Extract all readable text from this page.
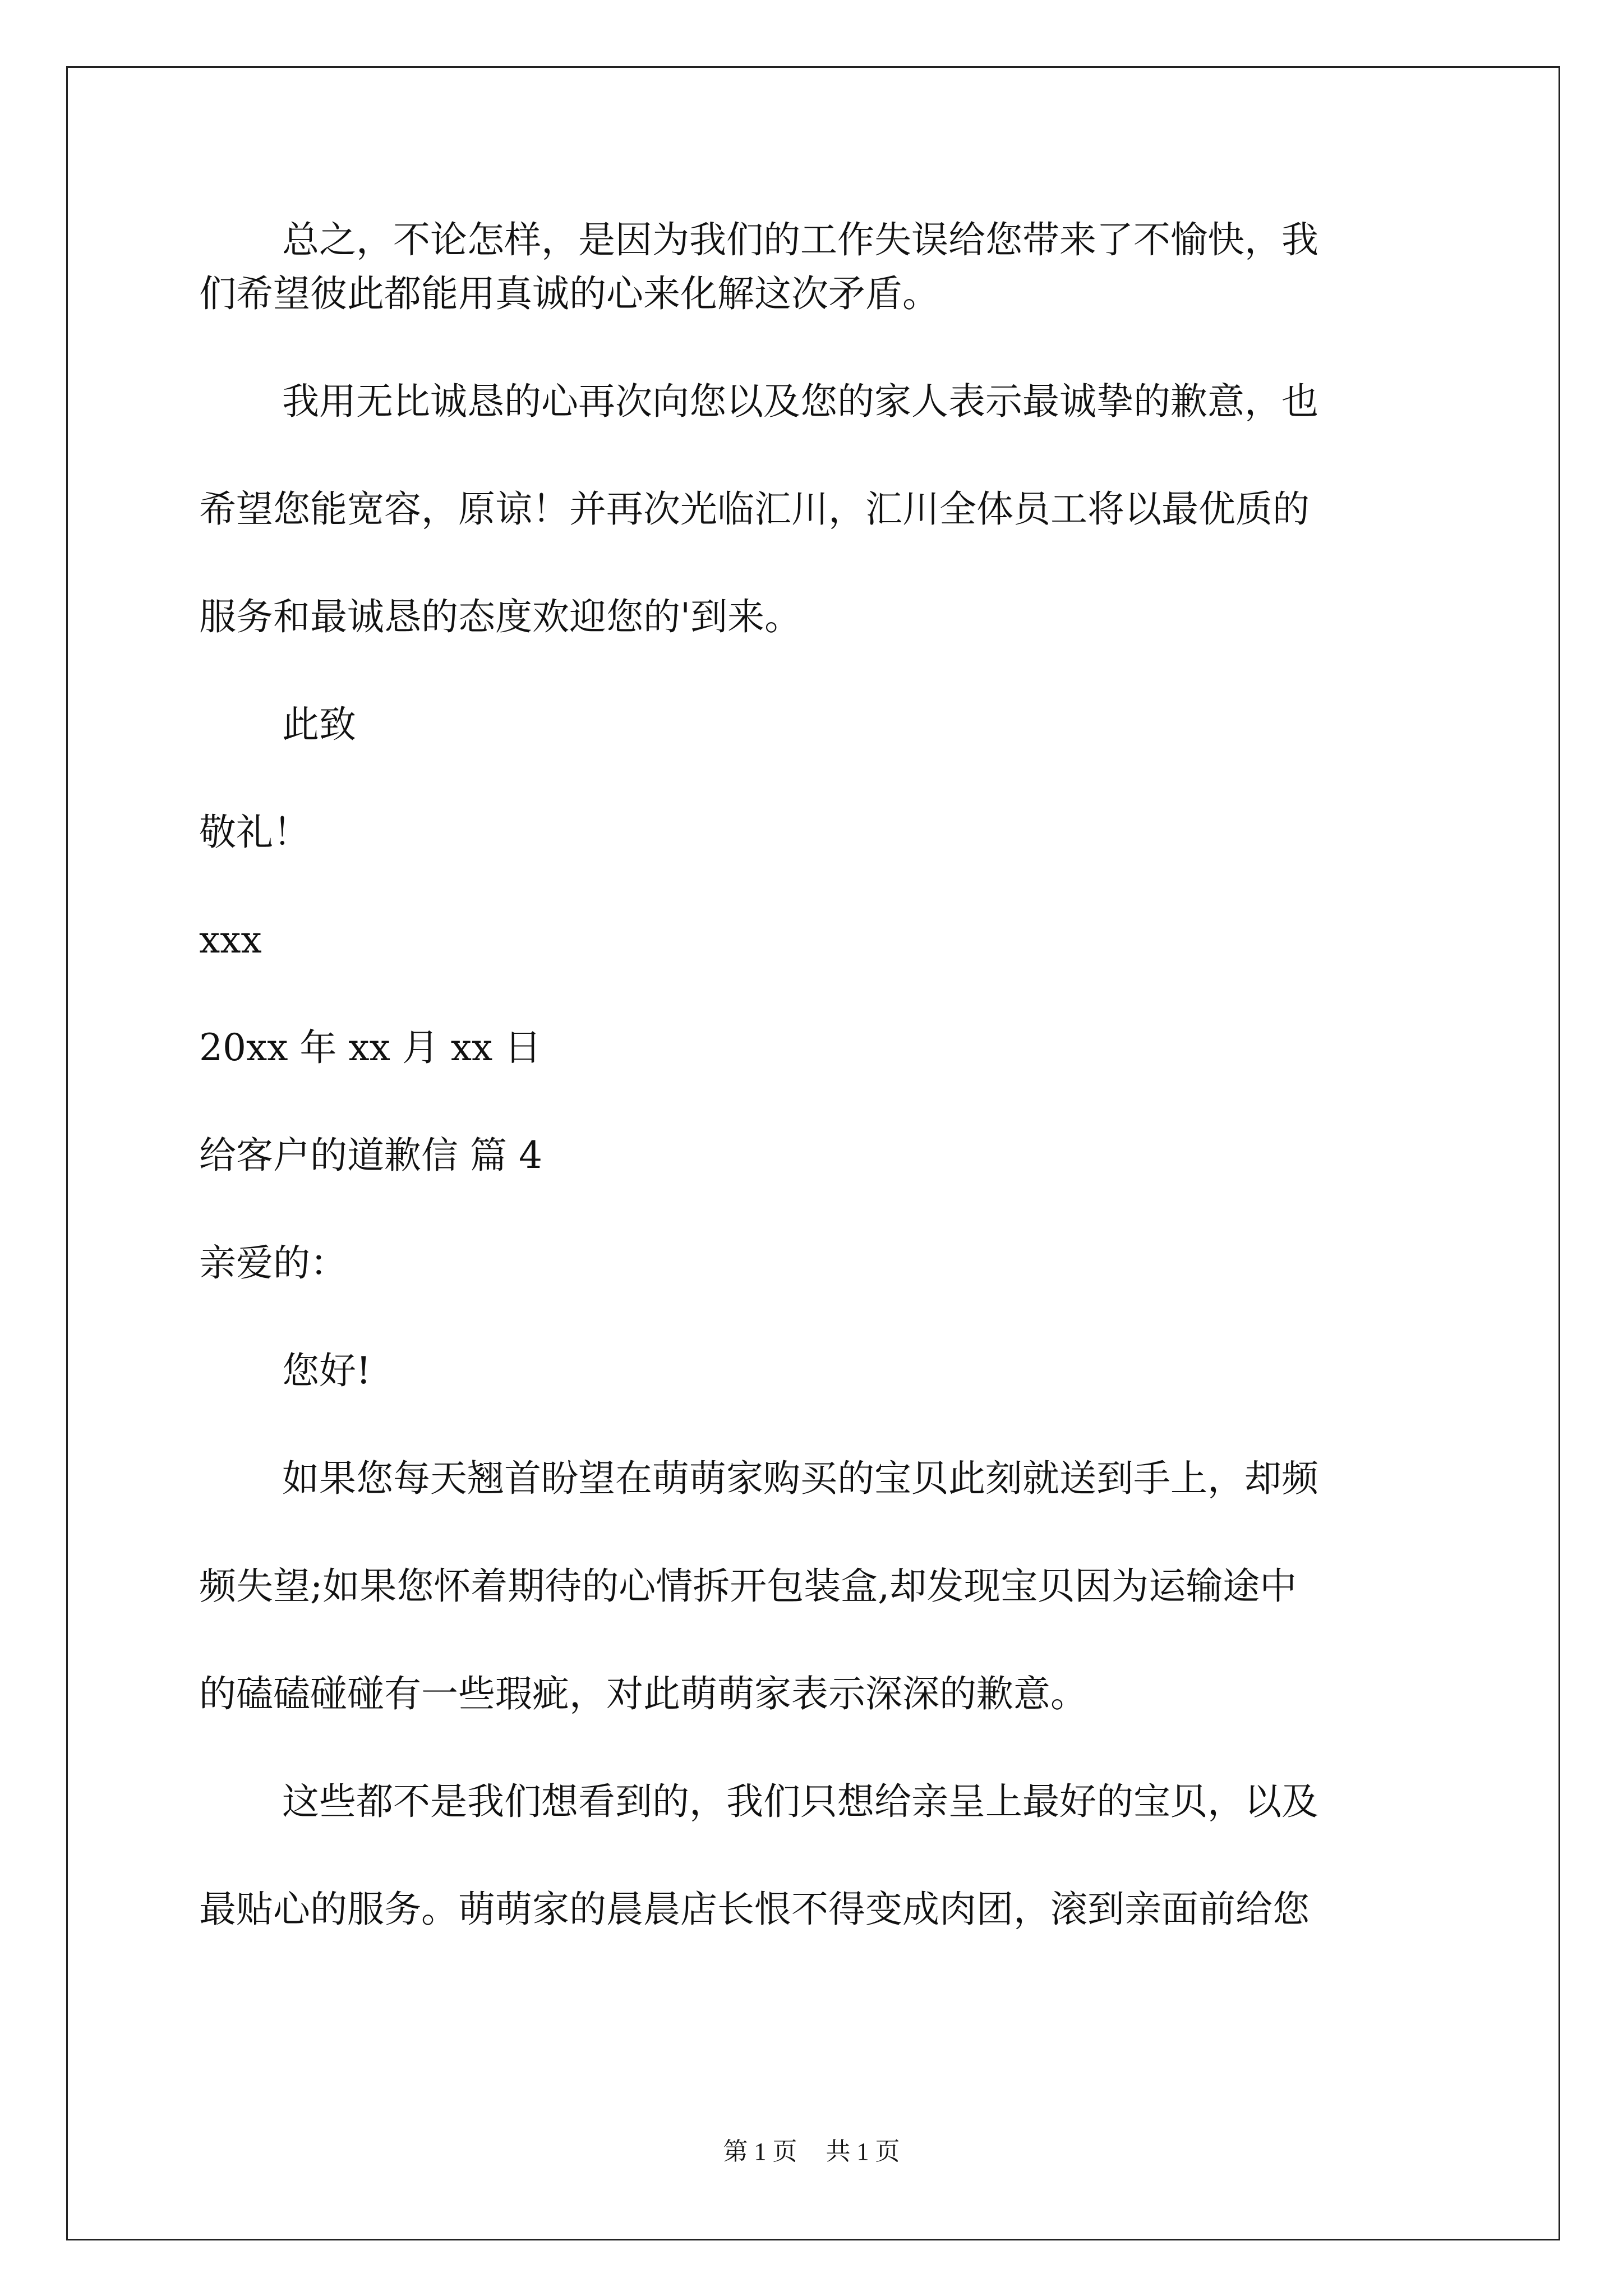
总之，不论怎样，是因为我们的工作失误给您带来了不愉快，我

们希望彼此都能用真诚的心来化解这次矛盾。

我用无比诚恳的心再次向您以及您的家人表示最诚挚的歉意，也

希望您能宽容，原谅！并再次光临汇川，汇川全体员工将以最优质的

服务和最诚恳的态度欢迎您的'到来。

此致

敬礼！

xxx

20xx 年 xx 月 xx 日

给客户的道歉信 篇 4

亲爱的：

您好!

如果您每天翘首盼望在萌萌家购买的宝贝此刻就送到手上，却频

频失望;如果您怀着期待的心情拆开包装盒,却发现宝贝因为运输途中

的磕磕碰碰有一些瑕疵，对此萌萌家表示深深的歉意。

这些都不是我们想看到的，我们只想给亲呈上最好的宝贝，以及

最贴心的服务。萌萌家的晨晨店长恨不得变成肉团，滚到亲面前给您

第 1 页 共 1 页
